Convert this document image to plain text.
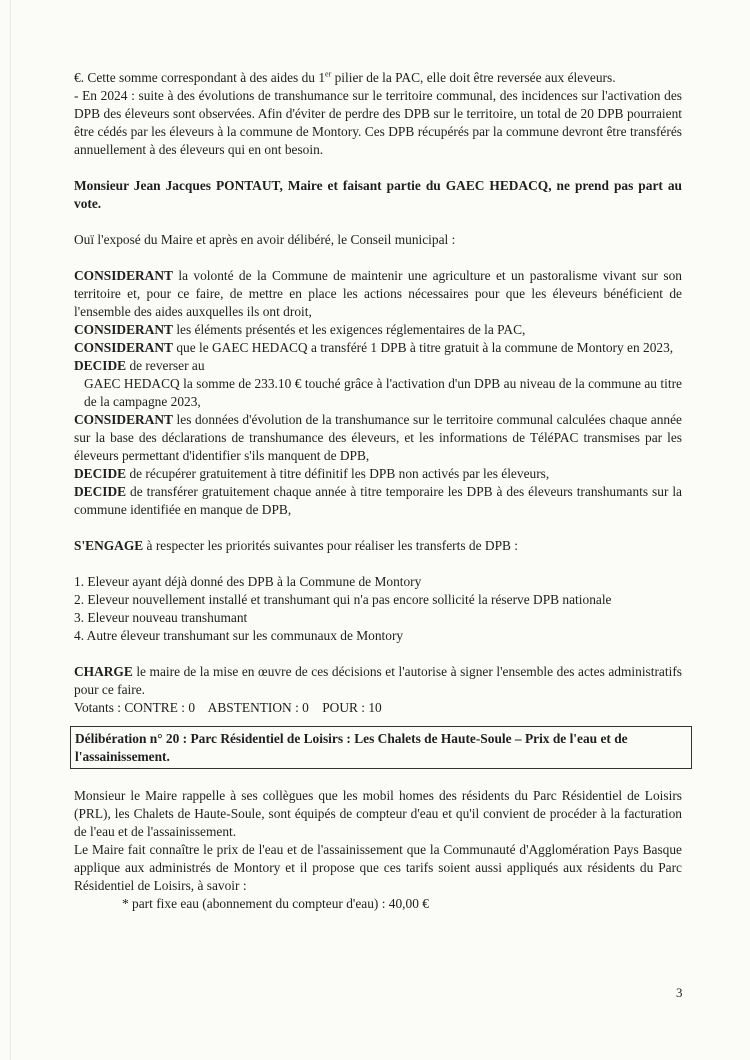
€. Cette somme correspondant à des aides du 1er pilier de la PAC, elle doit être reversée aux éleveurs.

- En 2024 : suite à des évolutions de transhumance sur le territoire communal, des incidences sur l'activation des DPB des éleveurs sont observées. Afin d'éviter de perdre des DPB sur le territoire, un total de 20 DPB pourraient être cédés par les éleveurs à la commune de Montory. Ces DPB récupérés par la commune devront être transférés annuellement à des éleveurs qui en ont besoin.

Monsieur Jean Jacques PONTAUT, Maire et faisant partie du GAEC HEDACQ, ne prend pas part au vote.

Ouï l'exposé du Maire et après en avoir délibéré, le Conseil municipal :

CONSIDERANT la volonté de la Commune de maintenir une agriculture et un pastoralisme vivant sur son territoire et, pour ce faire, de mettre en place les actions nécessaires pour que les éleveurs bénéficient de l'ensemble des aides auxquelles ils ont droit,

CONSIDERANT les éléments présentés et les exigences réglementaires de la PAC,

CONSIDERANT que le GAEC HEDACQ a transféré 1 DPB à titre gratuit à la commune de Montory en 2023,

DECIDE de reverser au

GAEC HEDACQ la somme de 233.10 € touché grâce à l'activation d'un DPB au niveau de la commune au titre de la campagne 2023,

CONSIDERANT les données d'évolution de la transhumance sur le territoire communal calculées chaque année sur la base des déclarations de transhumance des éleveurs, et les informations de TéléPAC transmises par les éleveurs permettant d'identifier s'ils manquent de DPB,

DECIDE de récupérer gratuitement à titre définitif les DPB non activés par les éleveurs,

DECIDE de transférer gratuitement chaque année à titre temporaire les DPB à des éleveurs transhumants sur la commune identifiée en manque de DPB,

S'ENGAGE à respecter les priorités suivantes pour réaliser les transferts de DPB :

1. Eleveur ayant déjà donné des DPB à la Commune de Montory

2. Eleveur nouvellement installé et transhumant qui n'a pas encore sollicité la réserve DPB nationale

3. Eleveur nouveau transhumant

4. Autre éleveur transhumant sur les communaux de Montory

CHARGE le maire de la mise en œuvre de ces décisions et l'autorise à signer l'ensemble des actes administratifs pour ce faire.

Votants : CONTRE : 0    ABSTENTION : 0    POUR : 10

Délibération n° 20 : Parc Résidentiel de Loisirs : Les Chalets de Haute-Soule – Prix de l'eau et de l'assainissement.

Monsieur le Maire rappelle à ses collègues que les mobil homes des résidents du Parc Résidentiel de Loisirs (PRL), les Chalets de Haute-Soule, sont équipés de compteur d'eau et qu'il convient de procéder à la facturation de l'eau et de l'assainissement.

Le Maire fait connaître le prix de l'eau et de l'assainissement que la Communauté d'Agglomération Pays Basque applique aux administrés de Montory et il propose que ces tarifs soient aussi appliqués aux résidents du Parc Résidentiel de Loisirs, à savoir :

* part fixe eau (abonnement du compteur d'eau) : 40,00 €

3
